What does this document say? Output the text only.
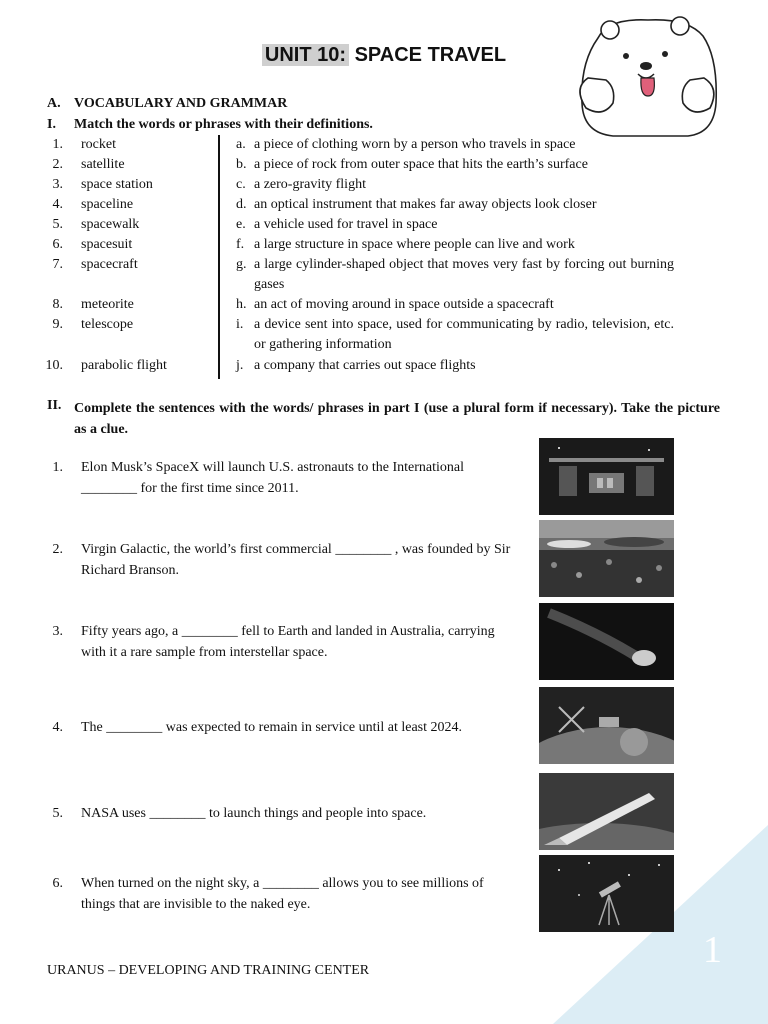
UNIT 10: SPACE TRAVEL
A. VOCABULARY AND GRAMMAR
I. Match the words or phrases with their definitions.
1. rocket
2. satellite
3. space station
4. spaceline
5. spacewalk
6. spacesuit
7. spacecraft
8. meteorite
9. telescope
10. parabolic flight
a. a piece of clothing worn by a person who travels in space
b. a piece of rock from outer space that hits the earth’s surface
c. a zero-gravity flight
d. an optical instrument that makes far away objects look closer
e. a vehicle used for travel in space
f. a large structure in space where people can live and work
g. a large cylinder-shaped object that moves very fast by forcing out burning gases
h. an act of moving around in space outside a spacecraft
i. a device sent into space, used for communicating by radio, television, etc. or gathering information
j. a company that carries out space flights
II. Complete the sentences with the words/ phrases in part I (use a plural form if necessary). Take the picture as a clue.
1. Elon Musk’s SpaceX will launch U.S. astronauts to the International ________ for the first time since 2011.
2. Virgin Galactic, the world’s first commercial ________ , was founded by Sir Richard Branson.
3. Fifty years ago, a ________ fell to Earth and landed in Australia, carrying with it a rare sample from interstellar space.
4. The ________ was expected to remain in service until at least 2024.
5. NASA uses ________ to launch things and people into space.
6. When turned on the night sky, a ________ allows you to see millions of things that are invisible to the naked eye.
URANUS – DEVELOPING AND TRAINING CENTER	1
